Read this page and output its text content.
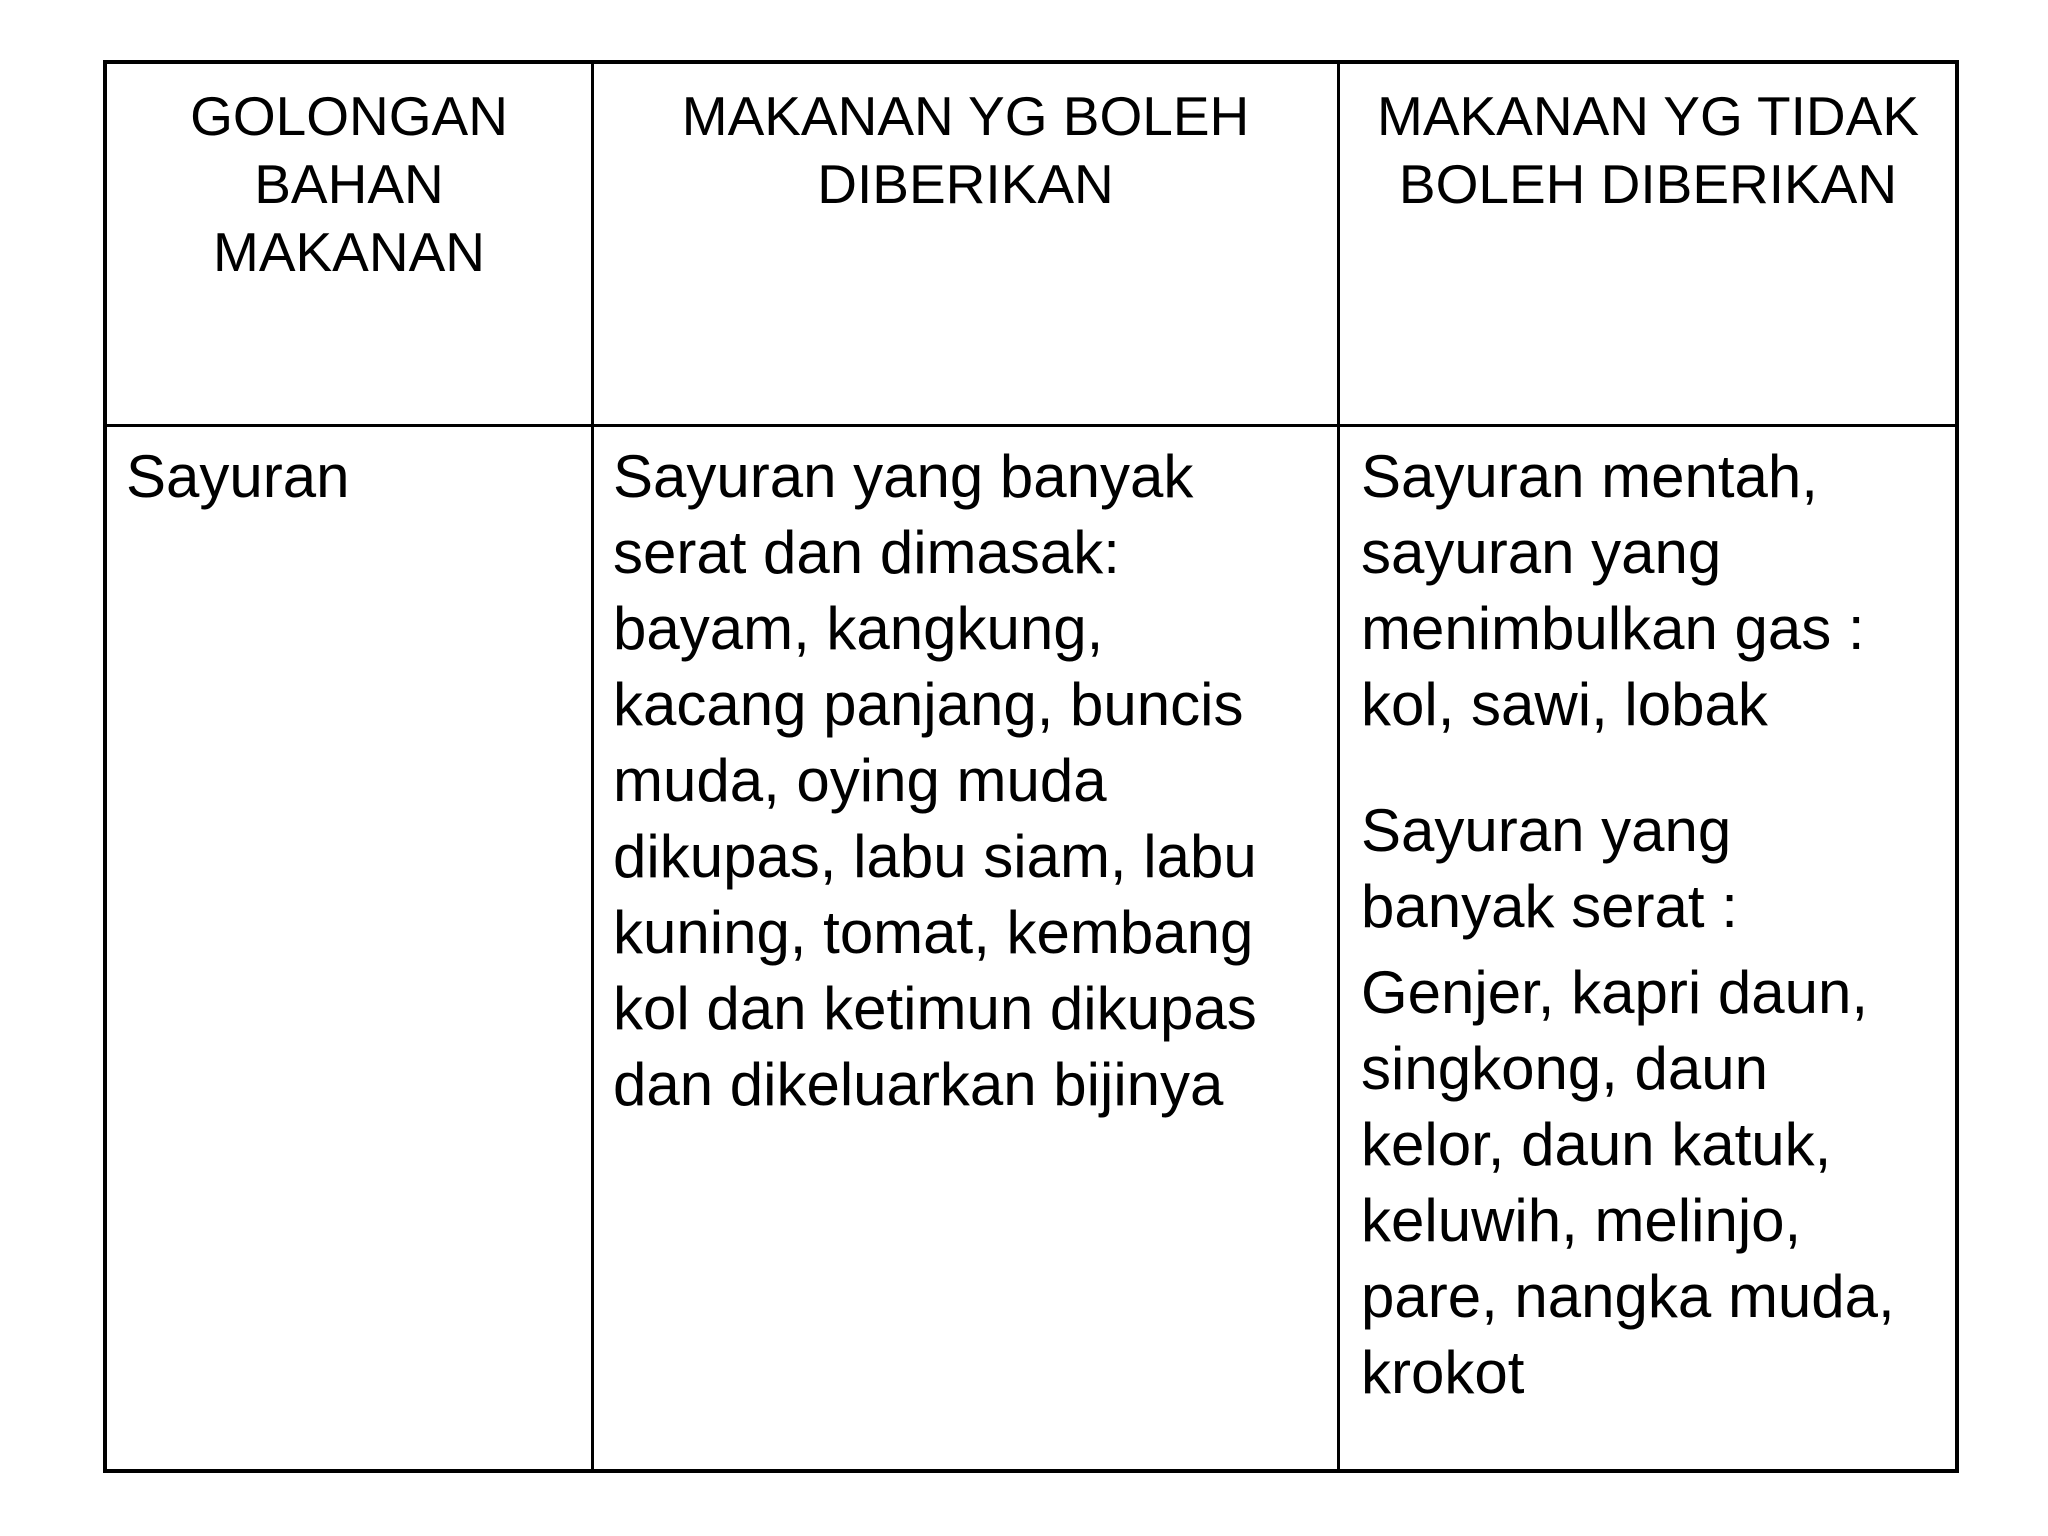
GOLONGAN
BAHAN
MAKANAN
MAKANAN YG BOLEH
DIBERIKAN
MAKANAN YG TIDAK
BOLEH DIBERIKAN
Sayuran	Sayuran yang banyak
serat dan dimasak:
bayam, kangkung,
kacang panjang, buncis
muda, oying muda
dikupas, labu siam, labu
kuning, tomat, kembang
kol dan ketimun dikupas
dan dikeluarkan bijinya
Sayuran mentah,
sayuran yang
menimbulkan gas :
kol, sawi, lobak
Sayuran yang
banyak serat :
Genjer, kapri daun,
singkong, daun
kelor, daun katuk,
keluwih, melinjo,
pare, nangka muda,
krokot
